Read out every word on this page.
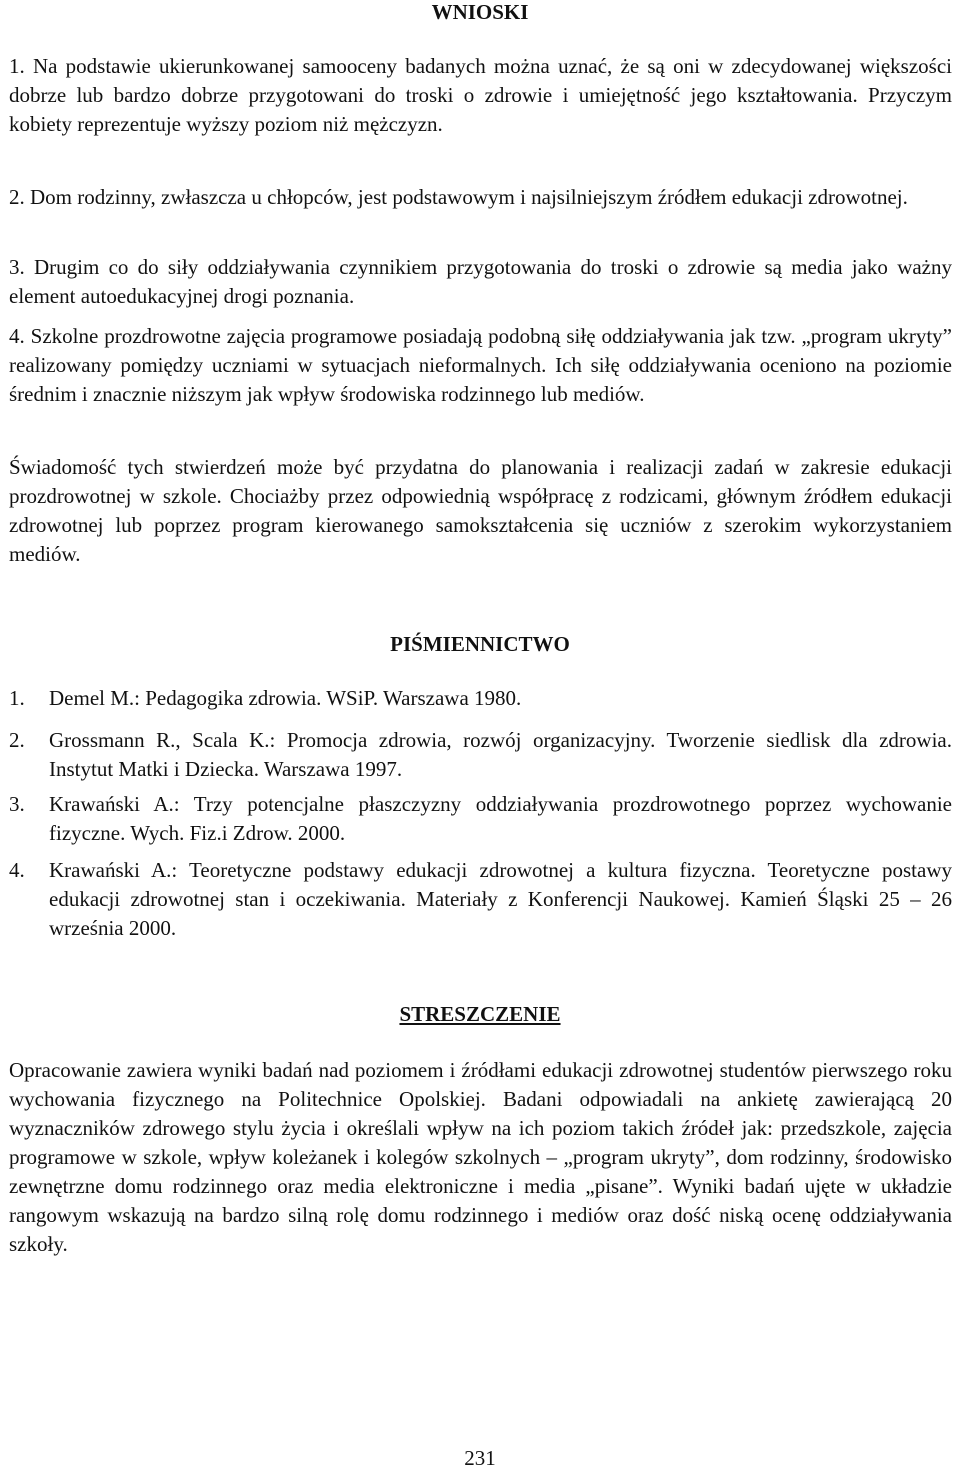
WNIOSKI
1. Na podstawie ukierunkowanej samooceny badanych można uznać, że są oni w zdecydowanej większości dobrze lub bardzo dobrze przygotowani do troski o zdrowie i umiejętność jego kształtowania. Przyczym kobiety reprezentuje wyższy poziom niż mężczyzn.
2. Dom rodzinny, zwłaszcza u chłopców, jest podstawowym i najsilniejszym źródłem edukacji zdrowotnej.
3. Drugim co do siły oddziaływania czynnikiem przygotowania do troski o zdrowie są media jako ważny element autoedukacyjnej drogi poznania.
4. Szkolne prozdrowotne zajęcia programowe posiadają podobną siłę oddziaływania jak tzw. „program ukryty” realizowany pomiędzy uczniami w sytuacjach nieformalnych. Ich siłę oddziaływania oceniono na poziomie średnim i znacznie niższym jak wpływ środowiska rodzinnego lub mediów.
Świadomość tych stwierdzeń może być przydatna do planowania i realizacji zadań w zakresie edukacji prozdrowotnej w szkole. Chociażby przez odpowiednią współpracę z rodzicami, głównym źródłem edukacji zdrowotnej lub poprzez program kierowanego samokształcenia się uczniów z szerokim wykorzystaniem mediów.
PIŚMIENNICTWO
1. Demel M.: Pedagogika zdrowia. WSiP. Warszawa 1980.
2. Grossmann R., Scala K.: Promocja zdrowia, rozwój organizacyjny. Tworzenie siedlisk dla zdrowia. Instytut Matki i Dziecka. Warszawa 1997.
3. Krawański A.: Trzy potencjalne płaszczyzny oddziaływania prozdrowotnego poprzez wychowanie fizyczne. Wych. Fiz.i Zdrow. 2000.
4. Krawański A.: Teoretyczne podstawy edukacji zdrowotnej a kultura fizyczna. Teoretyczne postawy edukacji zdrowotnej stan i oczekiwania. Materiały z Konferencji Naukowej. Kamień Śląski 25 – 26 września 2000.
STRESZCZENIE
Opracowanie zawiera wyniki badań nad poziomem i źródłami edukacji zdrowotnej studentów pierwszego roku wychowania fizycznego na Politechnice Opolskiej. Badani odpowiadali na ankietę zawierającą 20 wyznaczników zdrowego stylu życia i określali wpływ na ich poziom takich źródeł jak: przedszkole, zajęcia programowe w szkole, wpływ koleżanek i kolegów szkolnych – „program ukryty”, dom rodzinny, środowisko zewnętrzne domu rodzinnego oraz media elektroniczne i media „pisane”. Wyniki badań ujęte w układzie rangowym wskazują na bardzo silną rolę domu rodzinnego i mediów oraz dość niską ocenę oddziaływania szkoły.
231
